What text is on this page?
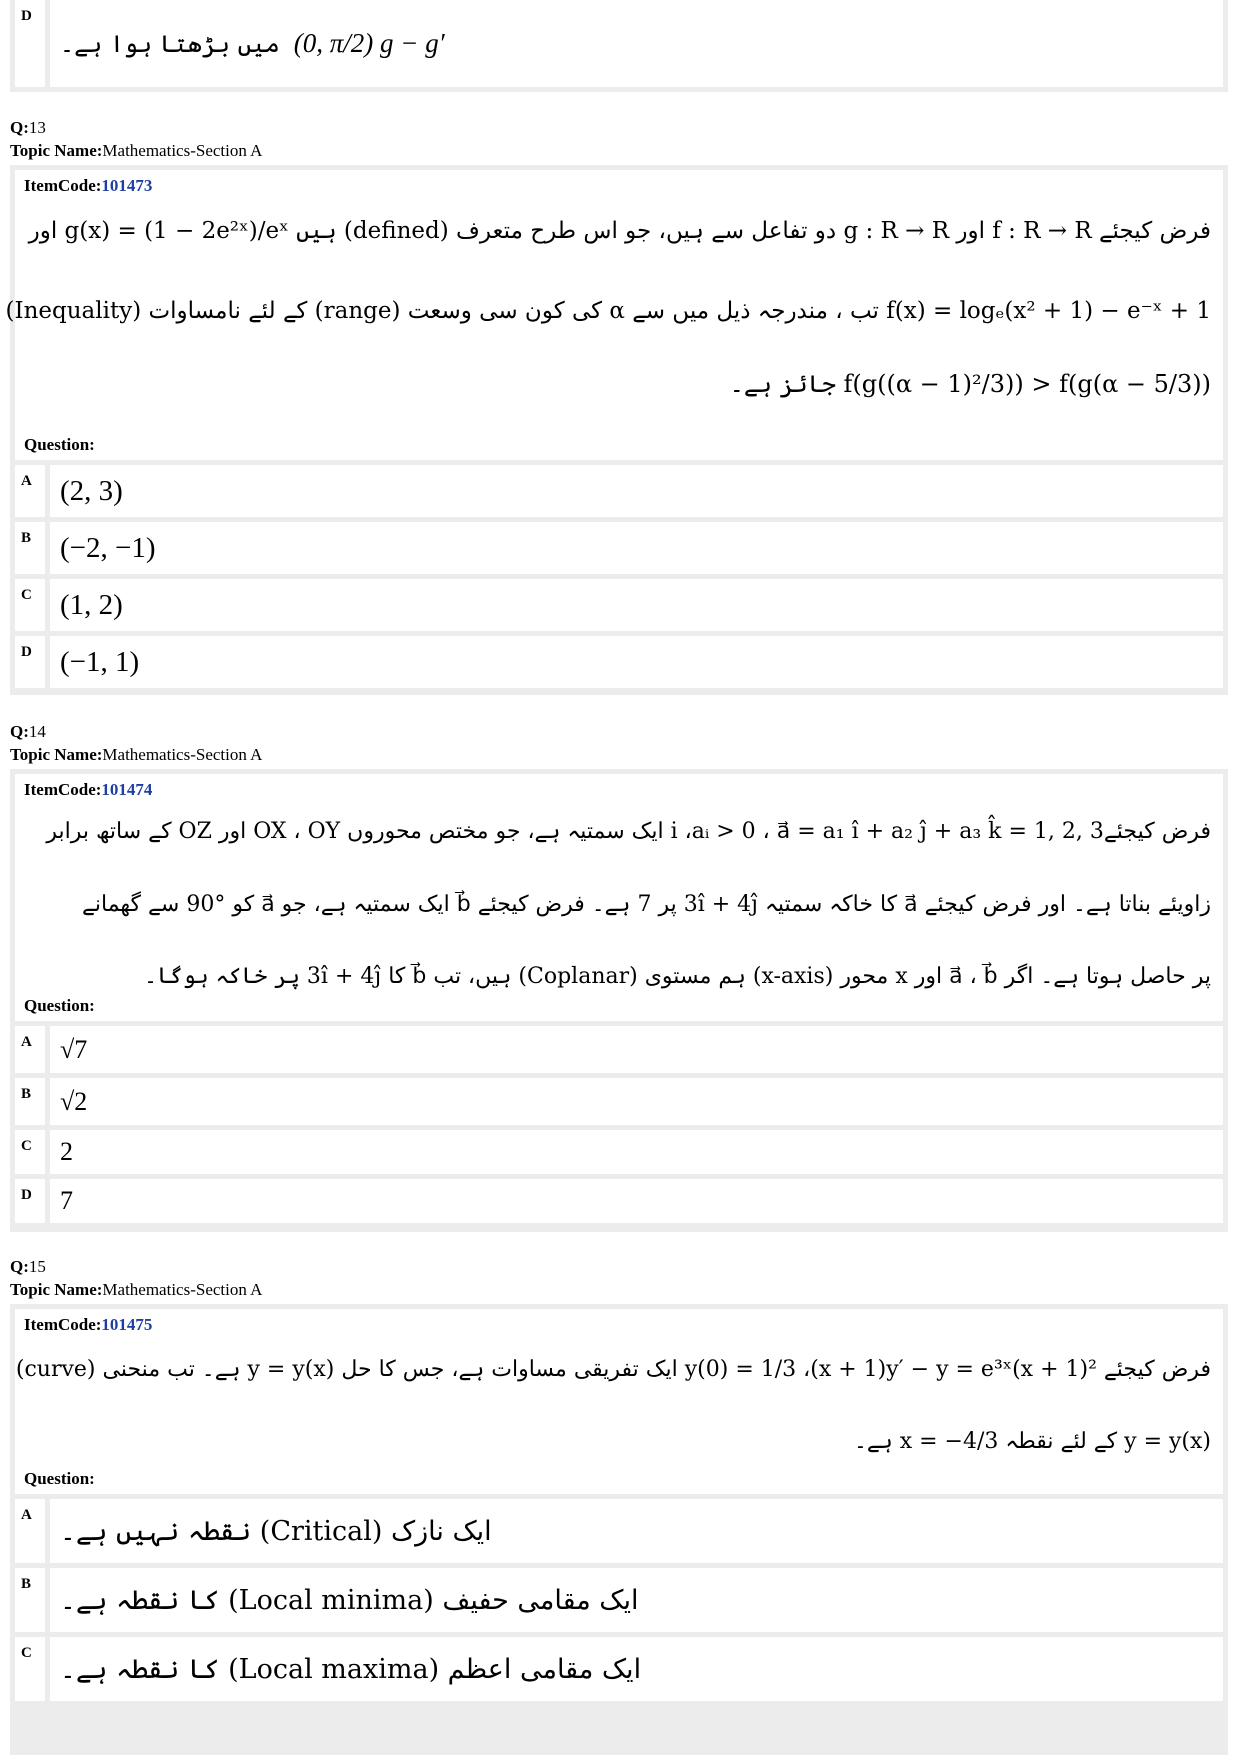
D
میں بڑھتا ہوا ہے۔ (0, π/2) g − g′
Q:13
Topic Name:Mathematics-Section A
ItemCode:101473
فرض کیجئے f : R → R اور g : R → R دو تفاعل سے ہیں، جو اس طرح متعرف (defined) ہیں g(x) = (1 − 2e²ˣ)/eˣ اور
f(x) = logₑ(x² + 1) − e⁻ˣ + 1 تب ، مندرجہ ذیل میں سے α کی کون سی وسعت (range) کے لئے نامساوات (Inequality)
f(g((α − 1)²/3)) > f(g(α − 5/3)) جائز ہے۔
Question:
A (2, 3)
B (−2, −1)
C (1, 2)
D (−1, 1)
Q:14
Topic Name:Mathematics-Section A
ItemCode:101474
فرض کیجئے3 ,2 ,1 = i ،aᵢ > 0 ، a⃗ = a₁ î + a₂ ĵ + a₃ k̂ ایک سمتیہ ہے، جو مختص محوروں OX ، OY اور OZ کے ساتھ برابر
زاویئے بناتا ہے۔ اور فرض کیجئے a⃗ کا خاکہ سمتیہ 3î + 4ĵ پر 7 ہے۔ فرض کیجئے b⃗ ایک سمتیہ ہے، جو a⃗ کو °90 سے گھمانے
پر حاصل ہوتا ہے۔ اگر a⃗ ، b⃗ اور x محور (x-axis) ہم مستوی (Coplanar) ہیں، تب b⃗ کا 3î + 4ĵ پر خاکہ ہوگا۔
Question:
A	√7
B	√2
C	2
D	7
Q:15
Topic Name:Mathematics-Section A
ItemCode:101475
فرض کیجئے y(0) = 1/3 ،(x + 1)y′ − y = e³ˣ(x + 1)² ایک تفریقی مساوات ہے، جس کا حل y = y(x) ہے۔ تب منحنی (curve)
y = y(x) کے لئے نقطہ x = −4/3 ہے۔
Question:
A
ایک نازک (Critical) نقطہ نہیں ہے۔
B
ایک مقامی حفیف (Local minima) کا نقطہ ہے۔
C
ایک مقامی اعظم (Local maxima) کا نقطہ ہے۔
